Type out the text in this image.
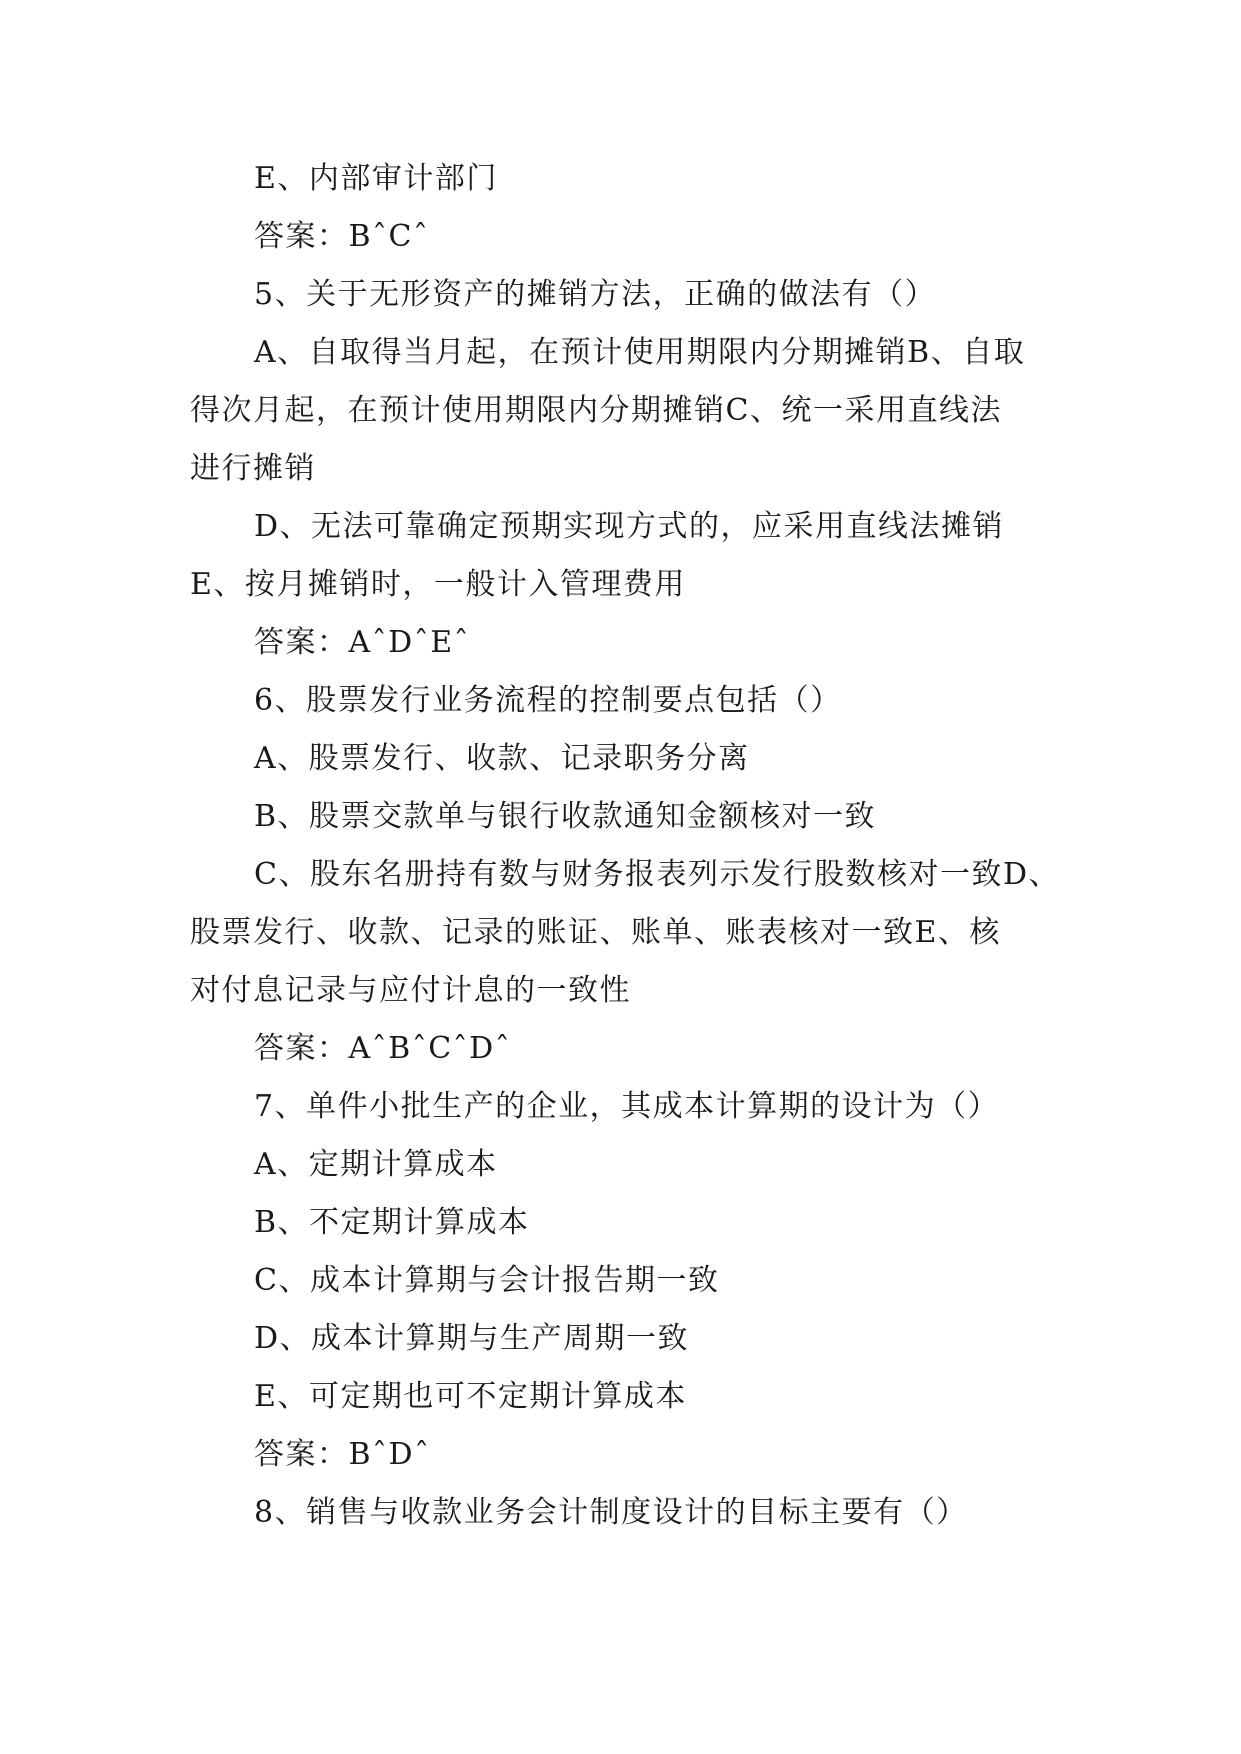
E、内部审计部门
答案：BˆCˆ
5、关于无形资产的摊销方法，正确的做法有（）
A、自取得当月起，在预计使用期限内分期摊销B、自取
得次月起，在预计使用期限内分期摊销C、统一采用直线法
进行摊销
D、无法可靠确定预期实现方式的，应采用直线法摊销
E、按月摊销时，一般计入管理费用
答案：AˆDˆEˆ
6、股票发行业务流程的控制要点包括（）
A、股票发行、收款、记录职务分离
B、股票交款单与银行收款通知金额核对一致
C、股东名册持有数与财务报表列示发行股数核对一致D、
股票发行、收款、记录的账证、账单、账表核对一致E、核
对付息记录与应付计息的一致性
答案：AˆBˆCˆDˆ
7、单件小批生产的企业，其成本计算期的设计为（）
A、定期计算成本
B、不定期计算成本
C、成本计算期与会计报告期一致
D、成本计算期与生产周期一致
E、可定期也可不定期计算成本
答案：BˆDˆ
8、销售与收款业务会计制度设计的目标主要有（）
